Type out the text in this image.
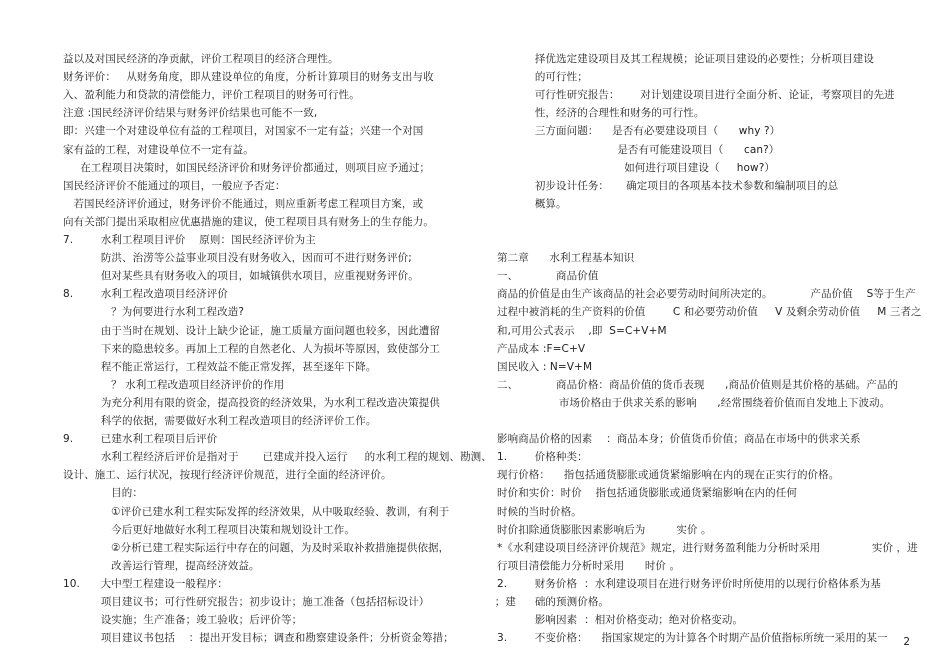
益以及对国民经济的净贡献，评价工程项目的经济合理性。
财务评价：   从财务角度，即从建设单位的角度，分析计算项目的财务支出与收
入、盈利能力和贷款的清偿能力，评价工程项目的财务可行性。
注意 :国民经济评价结果与财务评价结果也可能不一致,
即：兴建一个对建设单位有益的工程项目，对国家不一定有益；兴建一个对国
家有益的工程，对建设单位不一定有益。
在工程项目决策时，如国民经济评价和财务评价都通过，则项目应予通过；
国民经济评价不能通过的项目，一般应予否定：
若国民经济评价通过，财务评价不能通过，则应重新考虑工程项目方案，或
向有关部门提出采取相应优惠措施的建议，使工程项目具有财务上的生存能力。
7.        水利工程项目评价    原则：国民经济评价为主
防洪、治涝等公益事业项目没有财务收入，因而可不进行财务评价;
但对某些具有财务收入的项目，如城镇供水项目，应重视财务评价。
8.        水利工程改造项目经济评价
？为何要进行水利工程改造?
由于当时在规划、设计上缺少论证，施工质量方面问题也较多，因此遭留
下来的隐患较多。再加上工程的自然老化、人为损坏等原因，致使部分工
程不能正常运行，工程效益不能正常发挥，甚至逐年下降。
？ 水利工程改造项目经济评价的作用
为充分利用有限的资金，提高投资的经济效果，为水利工程改造决策提供
科学的依据，需要做好水利工程改造项目的经济评价工作。
9.        已建水利工程项目后评价
水利工程经济后评价是指对于       已建成并投入运行     的水利工程的规划、勘测、
设计、施工、运行状况，按现行经济评价规范，进行全面的经济评价。
目的：
①评价已建水利工程实际发挥的经济效果，从中吸取经验、教训，有利于
今后更好地做好水利工程项目决策和规划设计工作。
②分析已建工程实际运行中存在的问题，为及时采取补救措施提供依据，
改善运行管理，提高经济效益。
10.      大中型工程建设一般程序：
项目建议书；可行性研究报告；初步设计；施工准备（包括招标设计）                   ；建
设实施；生产准备；竣工验收；后评价等；
项目建议书包括    ：提出开发目标；调查和勘察建设条件；分析资金筹措；
择优选定建设项目及其工程规模；论证项目建设的必要性；分析项目建设
的可行性；
可行性研究报告：      对计划建设项目进行全面分析、论证，考察项目的先进
性，经济的合理性和财务的可行性。
三方面问题：    是否有必要建设项目（      why ?）
是否有可能建设项目（      can?）
如何进行项目建设（     how?）
初步设计任务：     确定项目的各项基本技术参数和编制项目的总
概算。
第二章      水利工程基本知识
一、           商品价值
商品的价值是由生产该商品的社会必要劳动时间所决定的。           产品价值    S等于生产
过程中被消耗的生产资料的价值        C 和必要劳动价值     V 及剩余劳动价值     M 三者之
和,可用公式表示    ,即  S=C+V+M
产品成本 :F=C+V
国民收入 : N=V+M
二、           商品价格：商品价值的货币表现      ,商品价值则是其价格的基础。产品的
市场价格由于供求关系的影响      ,经常围绕着价值而自发地上下波动。
影响商品价格的因素    ：商品本身；价值货币价值；商品在市场中的供求关系
1.        价格种类：
现行价格：    指包括通货膨胀或通货紧缩影响在内的现在正实行的价格。
时价和实价：时价    指包括通货膨胀或通货紧缩影响在内的任何
时候的当时价格。
时价扣除通货膨胀因素影响后为         实价 。
*《水利建设项目经济评价规范》规定，进行财务盈利能力分析时采用               实价 ，进
行项目清偿能力分析时采用      时价 。
2.        财务价格  ：水利建设项目在进行财务评价时所使用的以现行价格体系为基
础的预测价格。
影响因素  ：相对价格变动；绝对价格变动。
3.        不变价格：    指国家规定的为计算各个时期产品价值指标所统一采用的某一 2
